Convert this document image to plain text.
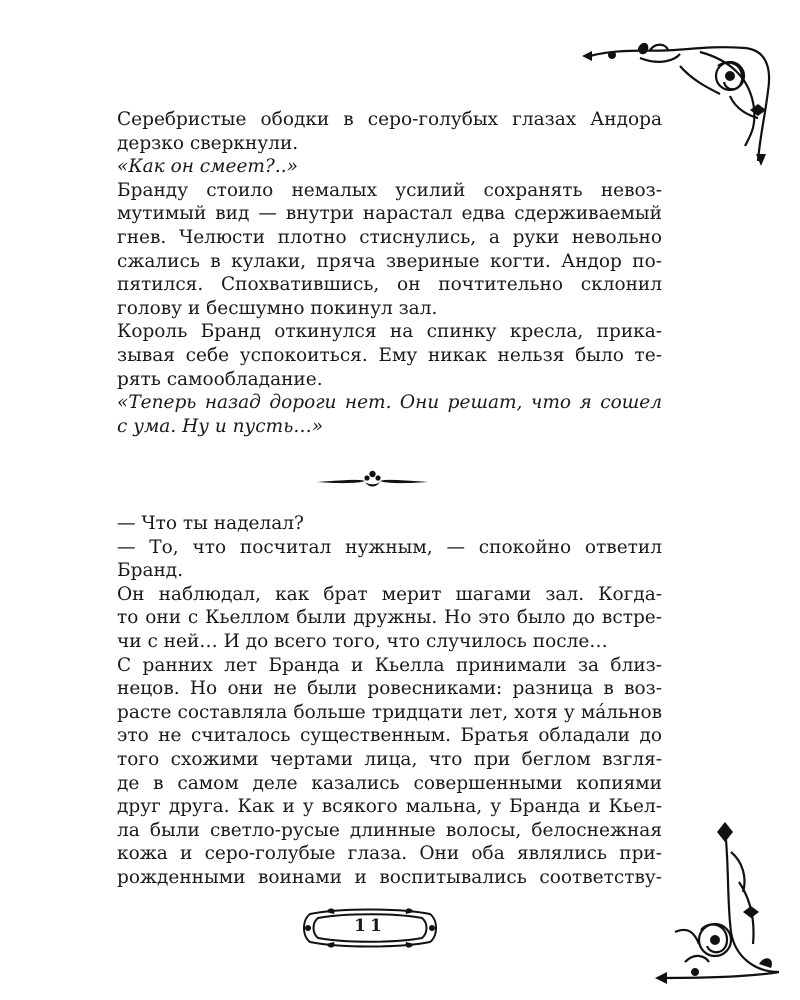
Серебристые ободки в серо-голубых глазах Андора
дерзко сверкнули.
«Как он смеет?..»
Бранду стоило немалых усилий сохранять невоз-
мутимый вид — внутри нарастал едва сдерживаемый
гнев. Челюсти плотно стиснулись, а руки невольно
сжались в кулаки, пряча звериные когти. Андор по-
пятился. Спохватившись, он почтительно склонил
голову и бесшумно покинул зал.
Король Бранд откинулся на спинку кресла, прика-
зывая себе успокоиться. Ему никак нельзя было те-
рять самообладание.
«Теперь назад дороги нет. Они решат, что я сошел
с ума. Ну и пусть…»
— Что ты наделал?
— То, что посчитал нужным, — спокойно ответил
Бранд.
Он наблюдал, как брат мерит шагами зал. Когда-
то они с Кьеллом были дружны. Но это было до встре-
чи с ней… И до всего того, что случилось после…
С ранних лет Бранда и Кьелла принимали за близ-
нецов. Но они не были ровесниками: разница в воз-
расте составляла больше тридцати лет, хотя у ма́льнов
это не считалось существенным. Братья обладали до
того схожими чертами лица, что при беглом взгля-
де в самом деле казались совершенными копиями
друг друга. Как и у всякого мальна, у Бранда и Кьел-
ла были светло-русые длинные волосы, белоснежная
кожа и серо-голубые глаза. Они оба являлись при-
рожденными воинами и воспитывались соответству-
11
